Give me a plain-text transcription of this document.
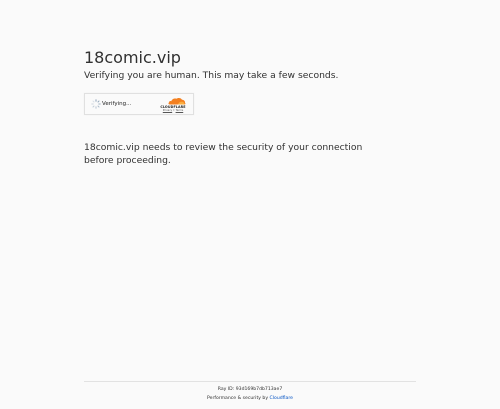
18comic.vip

Verifying you are human. This may take a few seconds.

Verifying...	CLOUDFLARE
Privacy • Terms

18comic.vip needs to review the security of your connection before proceeding.

Ray ID: 93d169b7db713ae7
Performance & security by Cloudflare
